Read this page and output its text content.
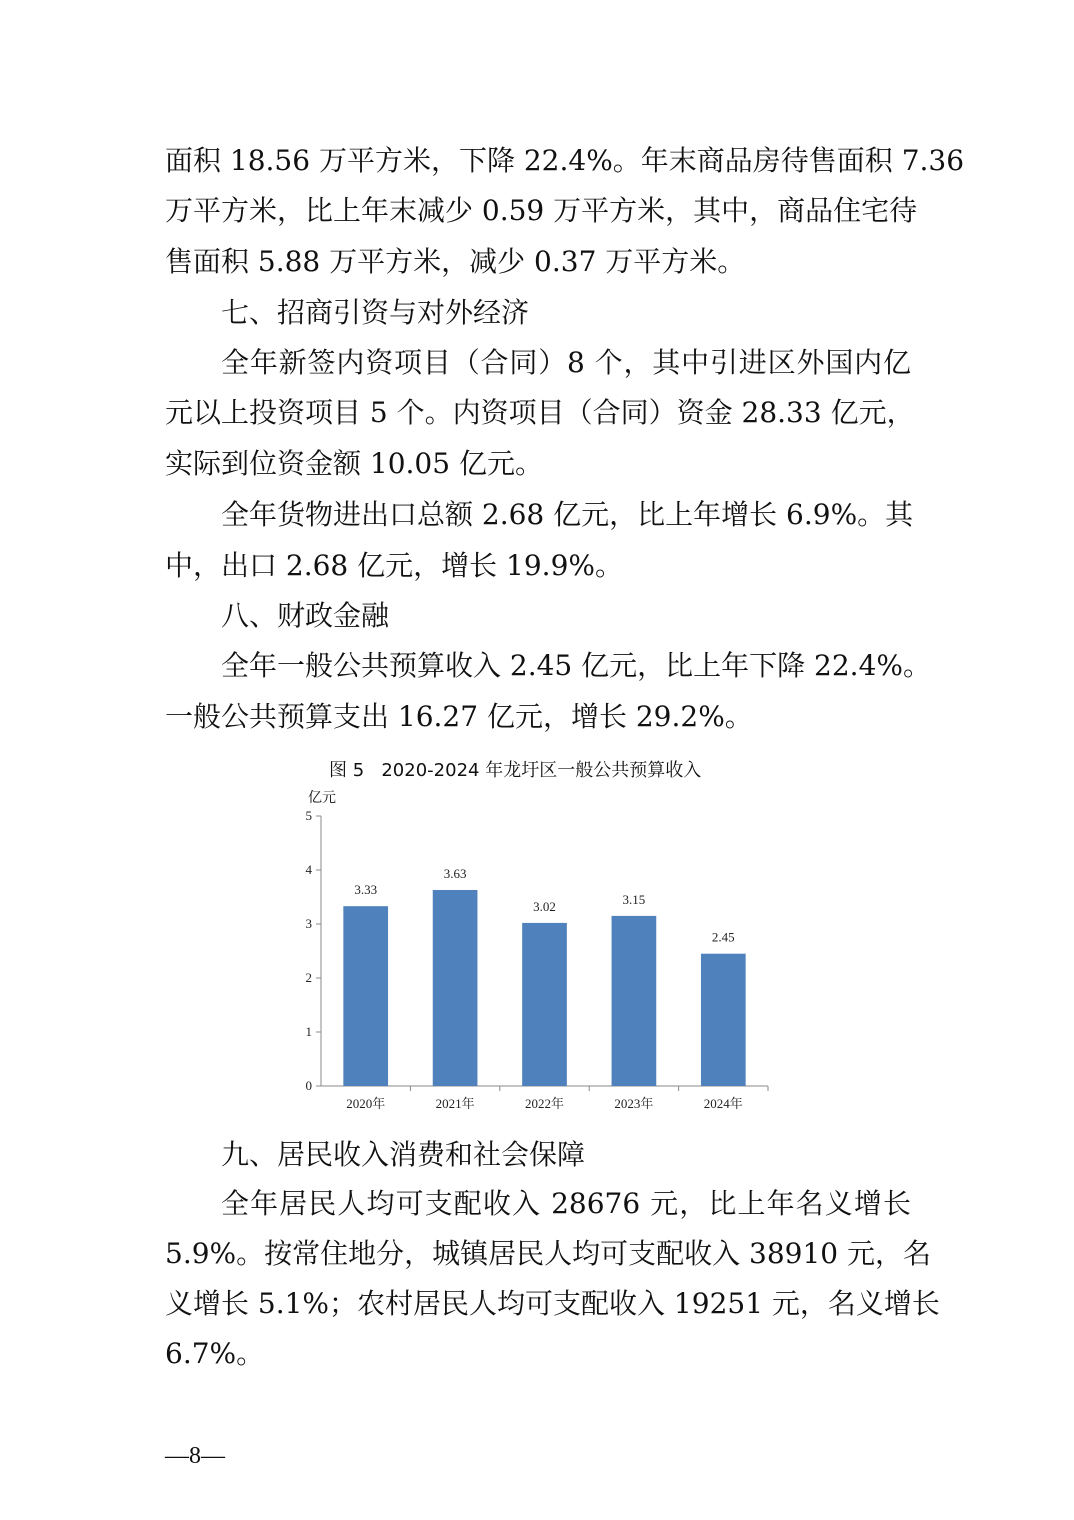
面积 18.56 万平方米，下降 22.4%。年末商品房待售面积 7.36
万平方米，比上年末减少 0.59 万平方米，其中，商品住宅待
售面积 5.88 万平方米，减少 0.37 万平方米。
七、招商引资与对外经济
全年新签内资项目（合同）8 个，其中引进区外国内亿
元以上投资项目 5 个。内资项目（合同）资金 28.33 亿元，
实际到位资金额 10.05 亿元。
全年货物进出口总额 2.68 亿元，比上年增长 6.9%。其
中，出口 2.68 亿元，增长 19.9%。
八、财政金融
全年一般公共预算收入 2.45 亿元，比上年下降 22.4%。
一般公共预算支出 16.27 亿元，增长 29.2%。
图 5 2020-2024 年龙圩区一般公共预算收入
亿元
0
1
2
3
4
5
3.33
2020年
3.63
2021年
3.02
2022年
3.15
2023年
2.45
2024年
九、居民收入消费和社会保障
全年居民人均可支配收入 28676 元，比上年名义增长
5.9%。按常住地分，城镇居民人均可支配收入 38910 元，名
义增长 5.1%；农村居民人均可支配收入 19251 元，名义增长
6.7%。
—8—
